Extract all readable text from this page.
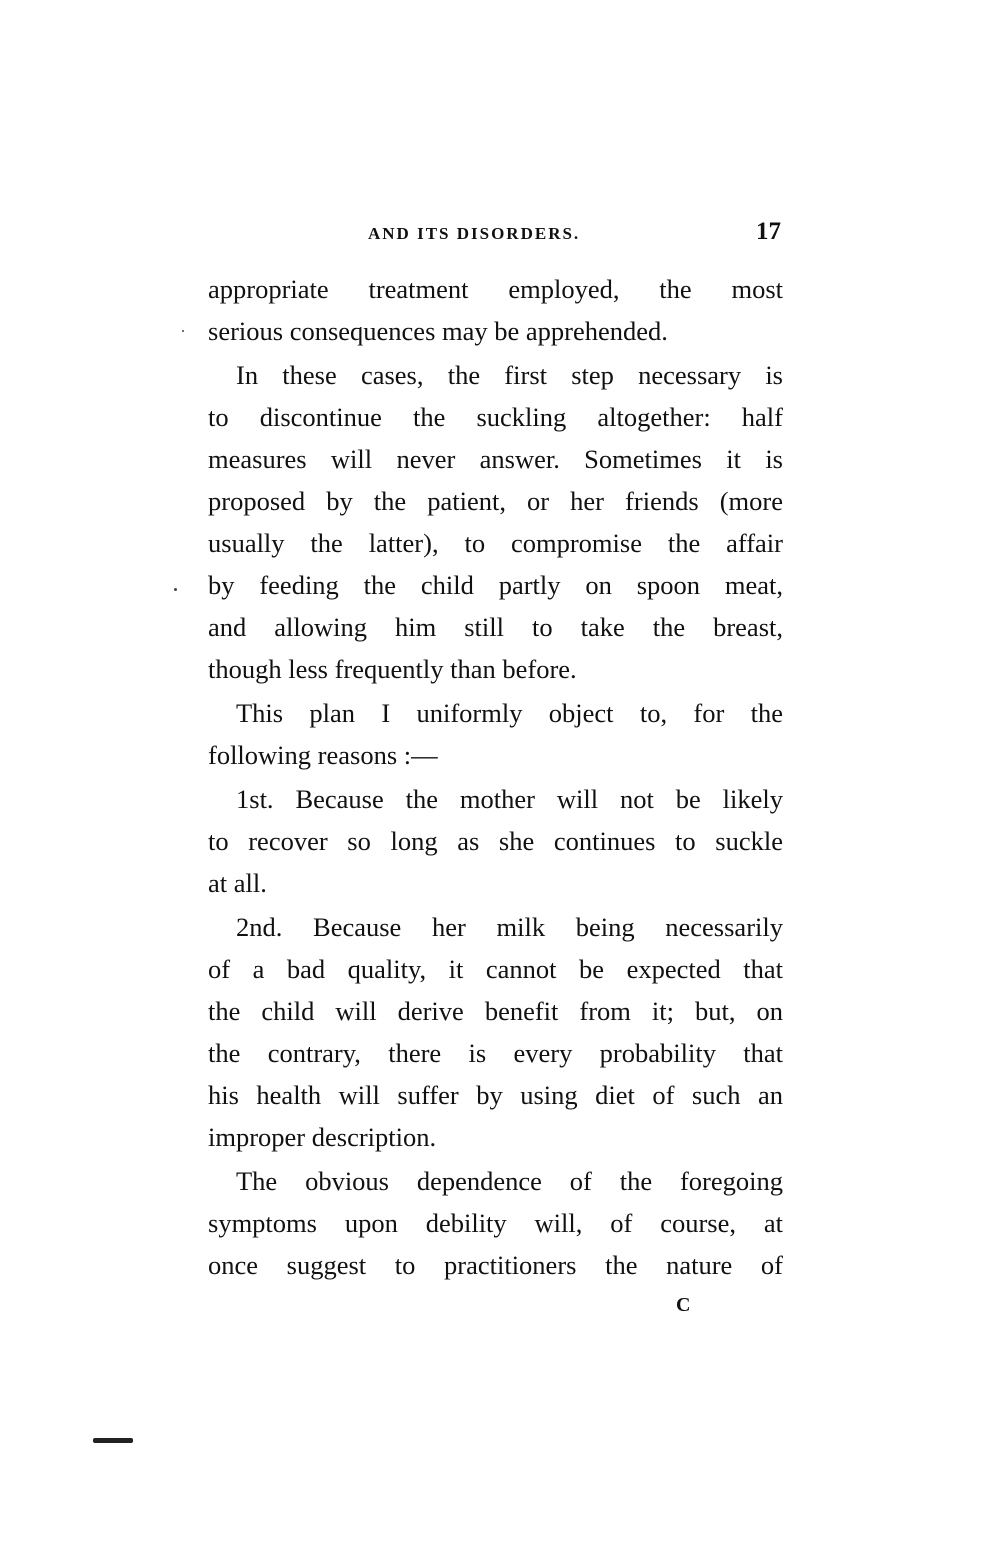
AND ITS DISORDERS.	17
appropriate treatment employed, the most
serious consequences may be apprehended.
In these cases, the first step necessary is
to discontinue the suckling altogether: half
measures will never answer. Sometimes it is
proposed by the patient, or her friends (more
usually the latter), to compromise the affair
by feeding the child partly on spoon meat,
and allowing him still to take the breast,
though less frequently than before.
This plan I uniformly object to, for the
following reasons :—
1st. Because the mother will not be likely
to recover so long as she continues to suckle
at all.
2nd. Because her milk being necessarily
of a bad quality, it cannot be expected that
the child will derive benefit from it; but, on
the contrary, there is every probability that
his health will suffer by using diet of such an
improper description.
The obvious dependence of the foregoing
symptoms upon debility will, of course, at
once suggest to practitioners the nature of
C
